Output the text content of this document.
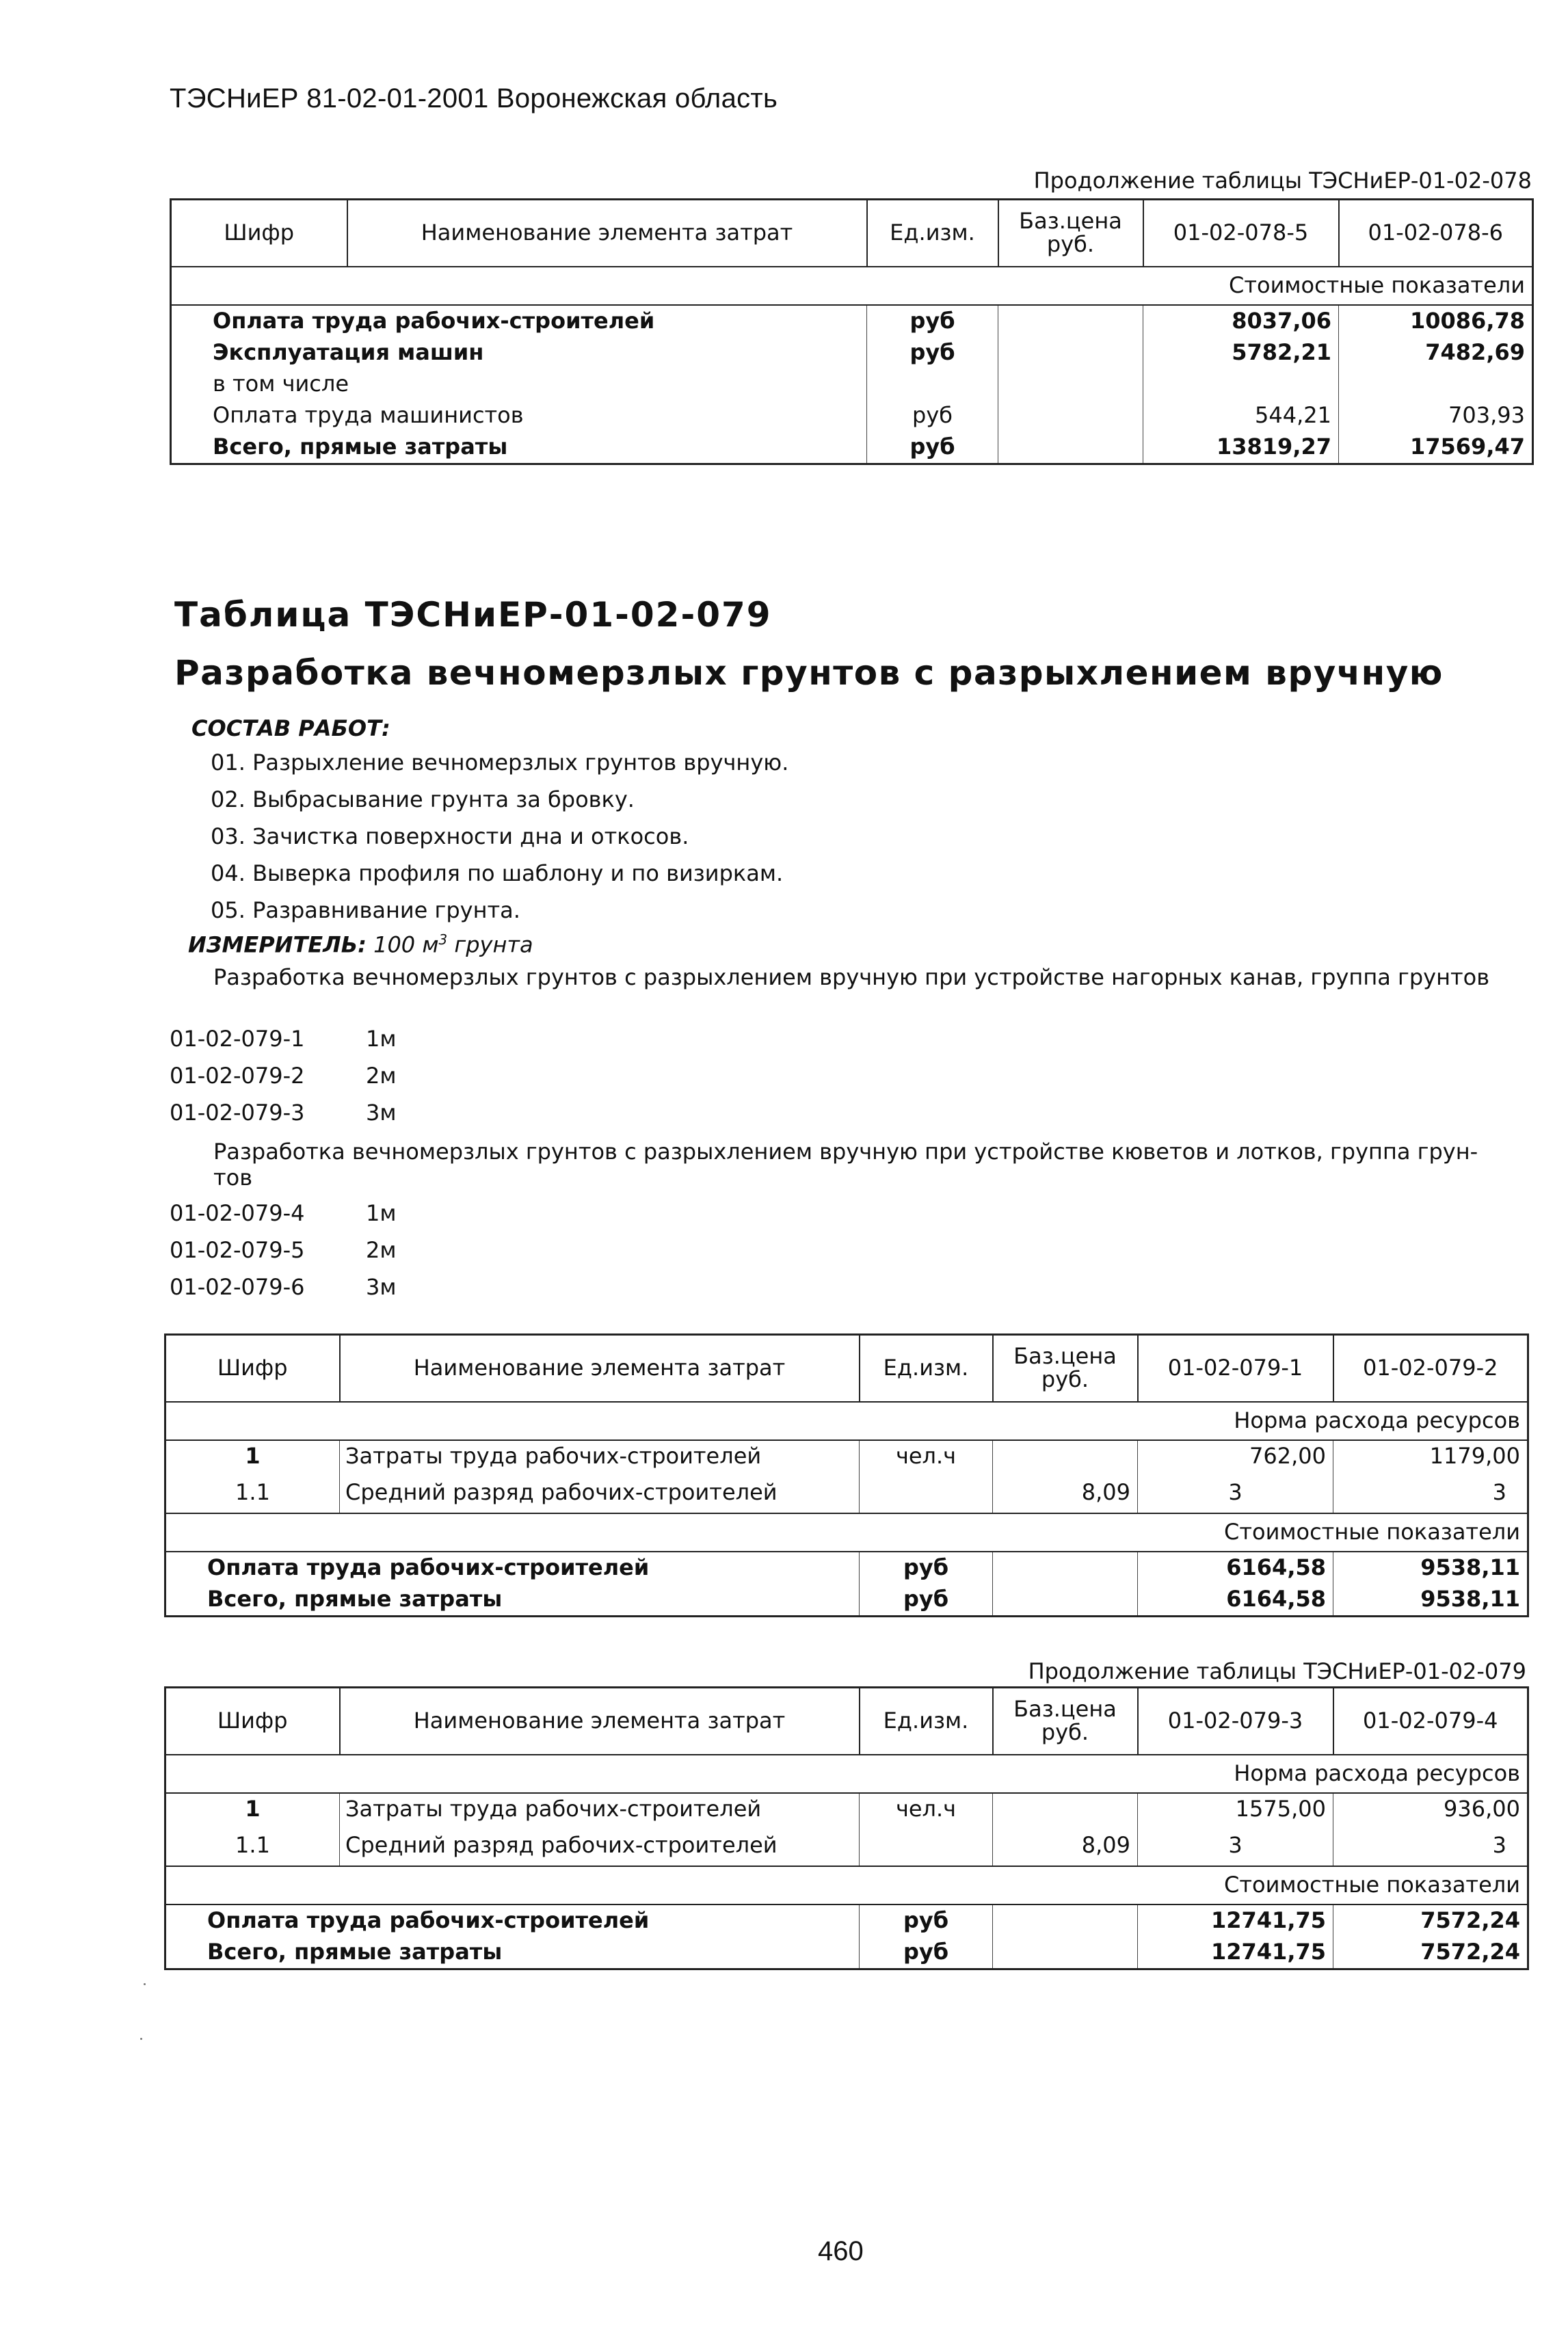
ТЭСНиЕР 81-02-01-2001 Воронежская область
Продолжение таблицы ТЭСНиЕР-01-02-078
Шифр	Наименование элемента затрат	Ед.изм.	Баз.цена руб.	01-02-078-5	01-02-078-6
Стоимостные показатели					
Оплата труда рабочих-строителей		руб		8037,06	10086,78
Эксплуатация машин		руб		5782,21	7482,69
в том числе					
Оплата труда машинистов		руб		544,21	703,93
Всего, прямые затраты		руб		13819,27	17569,47
Таблица ТЭСНиЕР-01-02-079
Разработка вечномерзлых грунтов с разрыхлением вручную
СОСТАВ РАБОТ:
01. Разрыхление вечномерзлых грунтов вручную.
02. Выбрасывание грунта за бровку.
03. Зачистка поверхности дна и откосов.
04. Выверка профиля по шаблону и по визиркам.
05. Разравнивание грунта.
ИЗМЕРИТЕЛЬ: 100 $м^3$ грунта
Разработка вечномерзлых грунтов с разрыхлением вручную при устройстве нагорных канав, группа грунтов
01-02-079-1	1м
01-02-079-2	2м
01-02-079-3	3м
Разработка вечномерзлых грунтов с разрыхлением вручную при устройстве кюветов и лотков, группа грун-
тов
01-02-079-4	1м
01-02-079-5	2м
01-02-079-6	3м
Шифр	Наименование элемента затрат	Ед.изм.	Баз.цена руб.	01-02-079-1	01-02-079-2
Норма расхода ресурсов					
1	Затраты труда рабочих-строителей	чел.ч		762,00	1179,00
1.1	Средний разряд рабочих-строителей		8,09	3	3
Стоимостные показатели					
Оплата труда рабочих-строителей		руб		6164,58	9538,11
Всего, прямые затраты		руб		6164,58	9538,11
Продолжение таблицы ТЭСНиЕР-01-02-079
Шифр	Наименование элемента затрат	Ед.изм.	Баз.цена руб.	01-02-079-3	01-02-079-4
Норма расхода ресурсов					
1	Затраты труда рабочих-строителей	чел.ч		1575,00	936,00
1.1	Средний разряд рабочих-строителей		8,09	3	3
Стоимостные показатели					
Оплата труда рабочих-строителей		руб		12741,75	7572,24
Всего, прямые затраты		руб		12741,75	7572,24
460
